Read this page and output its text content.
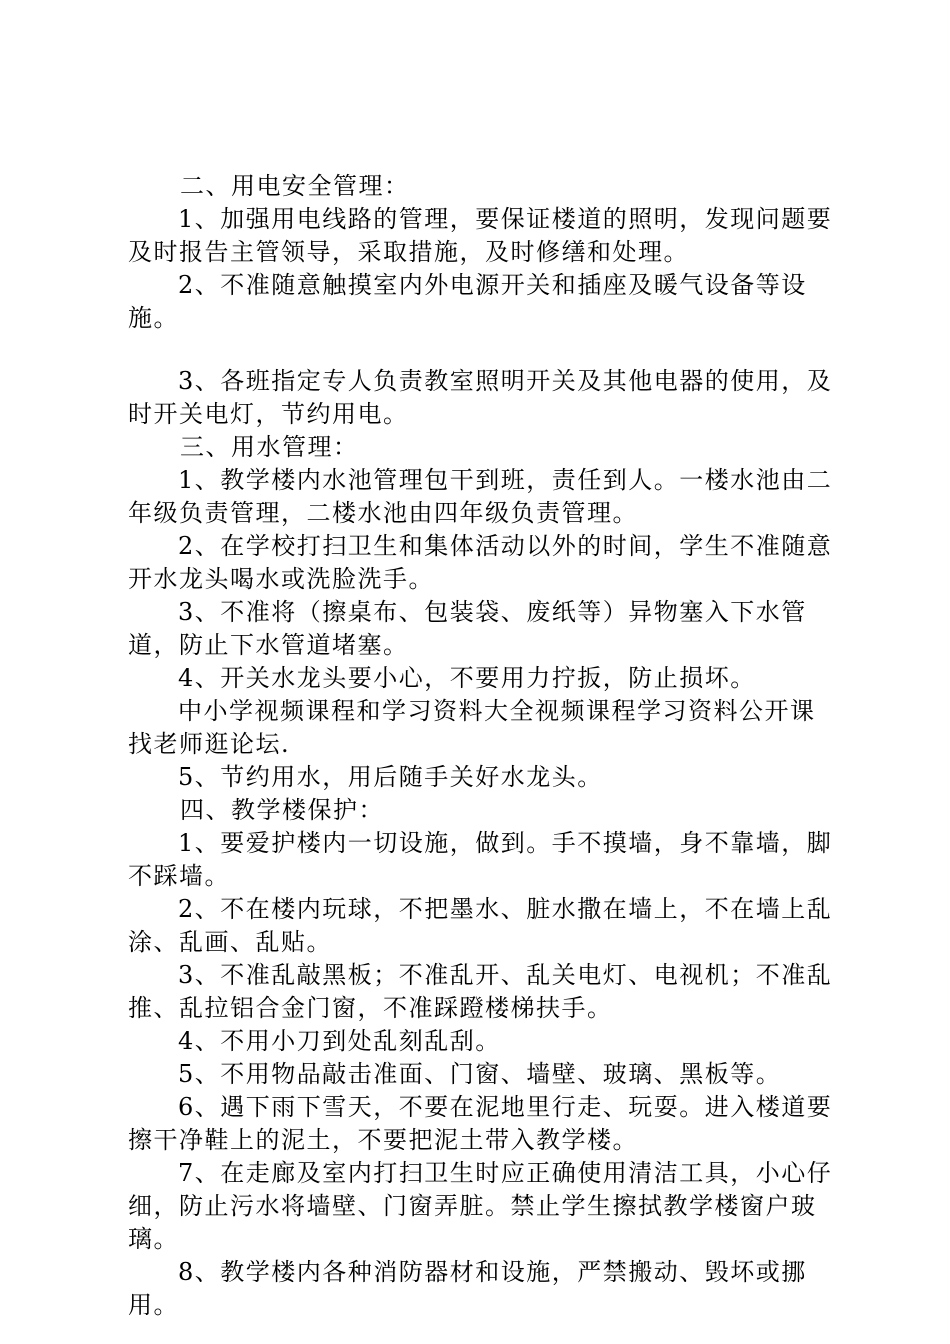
二、用电安全管理：

1、加强用电线路的管理，要保证楼道的照明，发现问题要及时报告主管领导，采取措施，及时修缮和处理。

2、不准随意触摸室内外电源开关和插座及暖气设备等设施。

3、各班指定专人负责教室照明开关及其他电器的使用，及时开关电灯，节约用电。

三、用水管理：

1、教学楼内水池管理包干到班，责任到人。一楼水池由二年级负责管理，二楼水池由四年级负责管理。

2、在学校打扫卫生和集体活动以外的时间，学生不准随意开水龙头喝水或洗脸洗手。

3、不准将（擦桌布、包装袋、废纸等）异物塞入下水管道，防止下水管道堵塞。

4、开关水龙头要小心，不要用力拧扳，防止损坏。

中小学视频课程和学习资料大全视频课程学习资料公开课找老师逛论坛.

5、节约用水，用后随手关好水龙头。

四、教学楼保护：

1、要爱护楼内一切设施，做到。手不摸墙，身不靠墙，脚不踩墙。

2、不在楼内玩球，不把墨水、脏水撒在墙上，不在墙上乱涂、乱画、乱贴。

3、不准乱敲黑板；不准乱开、乱关电灯、电视机；不准乱推、乱拉铝合金门窗，不准踩蹬楼梯扶手。

4、不用小刀到处乱刻乱刮。

5、不用物品敲击准面、门窗、墙壁、玻璃、黑板等。

6、遇下雨下雪天，不要在泥地里行走、玩耍。进入楼道要擦干净鞋上的泥土，不要把泥土带入教学楼。

7、在走廊及室内打扫卫生时应正确使用清洁工具，小心仔细，防止污水将墙壁、门窗弄脏。禁止学生擦拭教学楼窗户玻璃。

8、教学楼内各种消防器材和设施，严禁搬动、毁坏或挪用。
